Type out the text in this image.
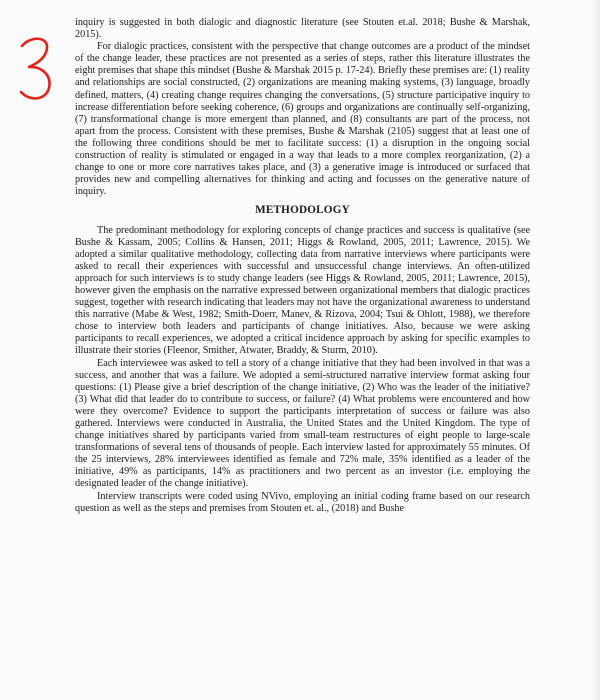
inquiry is suggested in both dialogic and diagnostic literature (see Stouten et.al. 2018; Bushe & Marshak, 2015).

For dialogic practices, consistent with the perspective that change outcomes are a product of the mindset of the change leader, these practices are not presented as a series of steps, rather this literature illustrates the eight premises that shape this mindset (Bushe & Marshak 2015 p. 17-24). Briefly these premises are: (1) reality and relationships are social constructed, (2) organizations are meaning making systems, (3) language, broadly defined, matters, (4) creating change requires changing the conversations, (5) structure participative inquiry to increase differentiation before seeking coherence, (6) groups and organizations are continually self-organizing, (7) transformational change is more emergent than planned, and (8) consultants are part of the process, not apart from the process. Consistent with these premises, Bushe & Marshak (2105) suggest that at least one of the following three conditions should be met to facilitate success: (1) a disruption in the ongoing social construction of reality is stimulated or engaged in a way that leads to a more complex reorganization, (2) a change to one or more core narratives takes place, and (3) a generative image is introduced or surfaced that provides new and compelling alternatives for thinking and acting and focusses on the generative nature of inquiry.

METHODOLOGY

The predominant methodology for exploring concepts of change practices and success is qualitative (see Bushe & Kassam, 2005; Collins & Hansen, 2011; Higgs & Rowland, 2005, 2011; Lawrence, 2015). We adopted a similar qualitative methodology, collecting data from narrative interviews where participants were asked to recall their experiences with successful and unsuccessful change interviews. An often-utilized approach for such interviews is to study change leaders (see Higgs & Rowland, 2005, 2011; Lawrence, 2015), however given the emphasis on the narrative expressed between organizational members that dialogic practices suggest, together with research indicating that leaders may not have the organizational awareness to understand this narrative (Mabe & West, 1982; Smith-Doerr, Manev, & Rizova, 2004; Tsui & Ohlott, 1988), we therefore chose to interview both leaders and participants of change initiatives. Also, because we were asking participants to recall experiences, we adopted a critical incidence approach by asking for specific examples to illustrate their stories (Fleenor, Smither, Atwater, Braddy, & Sturm, 2010).

Each interviewee was asked to tell a story of a change initiative that they had been involved in that was a success, and another that was a failure. We adopted a semi-structured narrative interview format asking four questions: (1) Please give a brief description of the change initiative, (2) Who was the leader of the initiative? (3) What did that leader do to contribute to success, or failure? (4) What problems were encountered and how were they overcome? Evidence to support the participants interpretation of success or failure was also gathered. Interviews were conducted in Australia, the United States and the United Kingdom. The type of change initiatives shared by participants varied from small-team restructures of eight people to large-scale transformations of several tens of thousands of people. Each interview lasted for approximately 55 minutes. Of the 25 interviews, 28% interviewees identified as female and 72% male, 35% identified as a leader of the initiative, 49% as participants, 14% as practitioners and two percent as an investor (i.e. employing the designated leader of the change initiative).

Interview transcripts were coded using NVivo, employing an initial coding frame based on our research question as well as the steps and premises from Stouten et. al., (2018) and Bushe
